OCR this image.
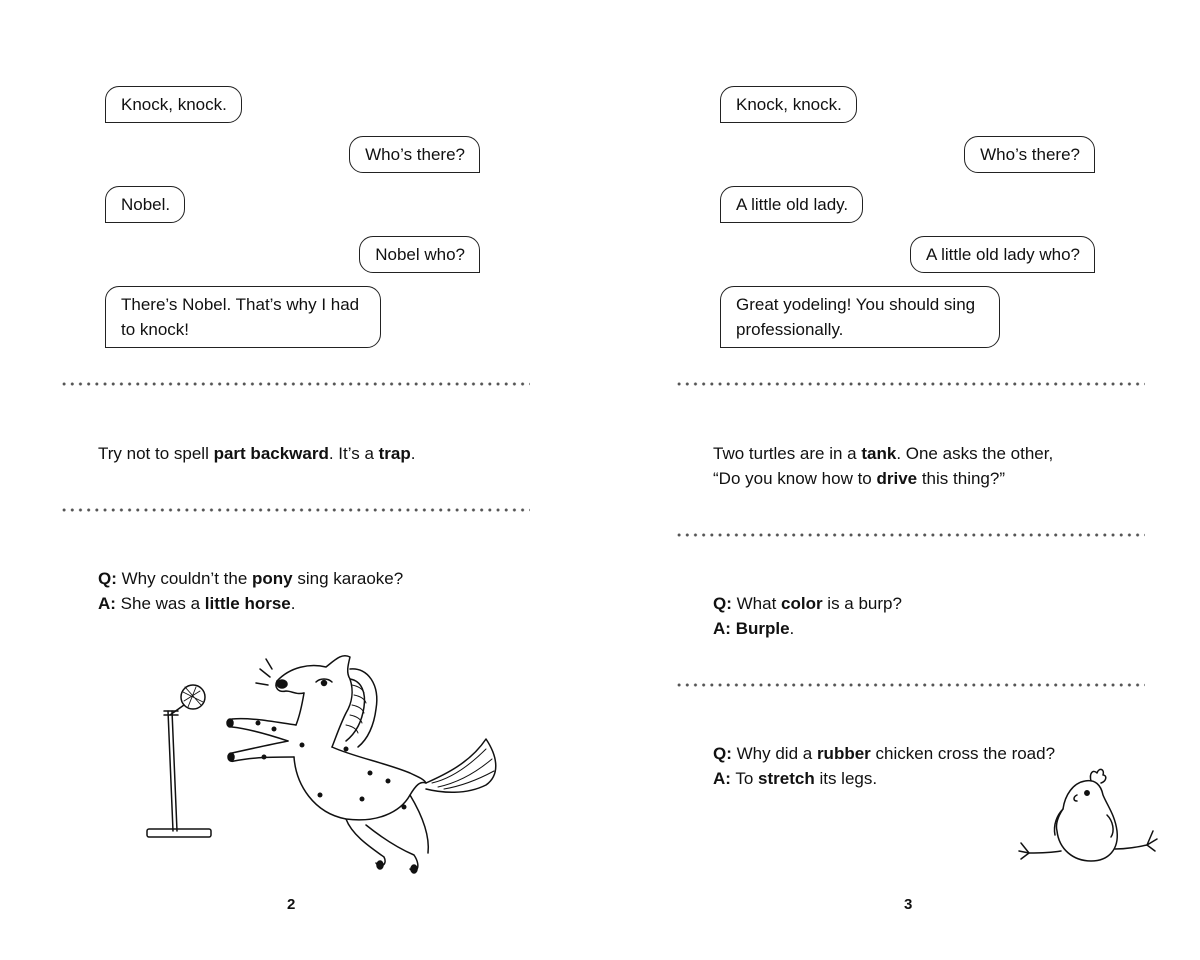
Knock, knock.
Who’s there?
Nobel.
Nobel who?
There’s Nobel. That’s why I had to knock!
Try not to spell part backward. It’s a trap.
Q: Why couldn’t the pony sing karaoke?
A: She was a little horse.
2
Knock, knock.
Who’s there?
A little old lady.
A little old lady who?
Great yodeling! You should sing professionally.
Two turtles are in a tank. One asks the other,
“Do you know how to drive this thing?”
Q: What color is a burp?
A: Burple.
Q: Why did a rubber chicken cross the road?
A: To stretch its legs.
3
